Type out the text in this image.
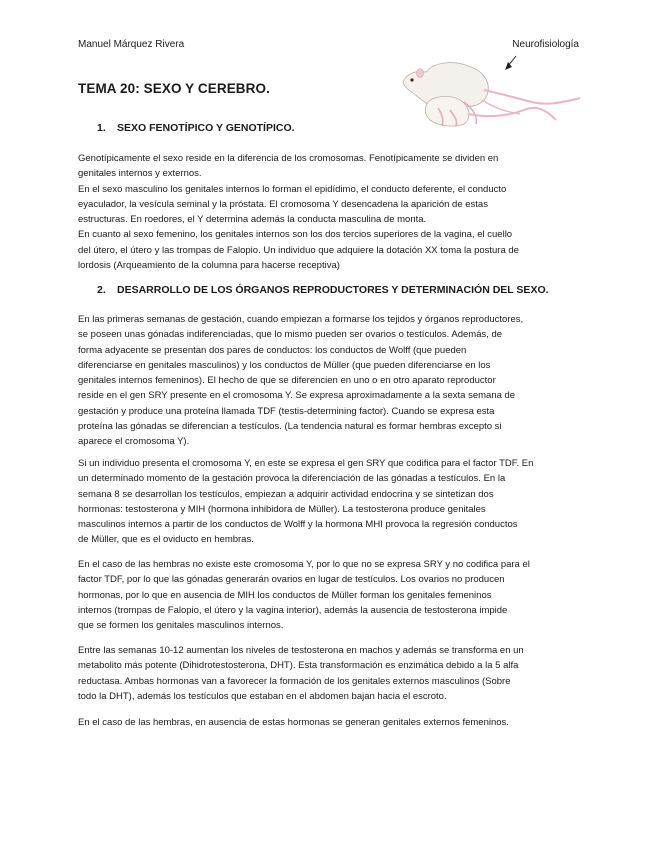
Manuel Márquez Rivera	Neurofisiología
TEMA 20: SEXO Y CEREBRO.
1. SEXO FENOTÍPICO Y GENOTÍPICO.
Genotípicamente el sexo reside en la diferencia de los cromosomas. Fenotípicamente se dividen en
genitales internos y externos.
En el sexo masculino los genitales internos lo forman el epidídimo, el conducto deferente, el conducto
eyaculador, la vesícula seminal y la próstata. El cromosoma Y desencadena la aparición de estas
estructuras. En roedores, el Y determina además la conducta masculina de monta.
En cuanto al sexo femenino, los genitales internos son los dos tercios superiores de la vagina, el cuello
del útero, el útero y las trompas de Falopio. Un individuo que adquiere la dotación XX toma la postura de
lordosis (Arqueamiento de la columna para hacerse receptiva)
2. DESARROLLO DE LOS ÓRGANOS REPRODUCTORES Y DETERMINACIÓN DEL SEXO.
En las primeras semanas de gestación, cuando empiezan a formarse los tejidos y órganos reproductores,
se poseen unas gónadas indiferenciadas, que lo mismo pueden ser ovarios o testículos. Además, de
forma adyacente se presentan dos pares de conductos: los conductos de Wolff (que pueden
diferenciarse en genitales masculinos) y los conductos de Müller (que pueden diferenciarse en los
genitales internos femeninos). El hecho de que se diferencien en uno o en otro aparato reproductor
reside en el gen SRY presente en el cromosoma Y. Se expresa aproximadamente a la sexta semana de
gestación y produce una proteína llamada TDF (testis-determining factor). Cuando se expresa esta
proteína las gónadas se diferencian a testículos. (La tendencia natural es formar hembras excepto si
aparece el cromosoma Y).
Si un individuo presenta el cromosoma Y, en este se expresa el gen SRY que codifica para el factor TDF. En
un determinado momento de la gestación provoca la diferenciación de las gónadas a testículos. En la
semana 8 se desarrollan los testículos, empiezan a adquirir actividad endocrina y se sintetizan dos
hormonas: testosterona y MIH (hormona inhibidora de Müller). La testosterona produce genitales
masculinos internos a partir de los conductos de Wolff y la hormona MHI provoca la regresión conductos
de Müller, que es el oviducto en hembras.
En el caso de las hembras no existe este cromosoma Y, por lo que no se expresa SRY y no codifica para el
factor TDF, por lo que las gónadas generarán ovarios en lugar de testículos. Los ovarios no producen
hormonas, por lo que en ausencia de MIH los conductos de Müller forman los genitales femeninos
internos (trompas de Falopio, el útero y la vagina interior), además la ausencia de testosterona impide
que se formen los genitales masculinos internos.
Entre las semanas 10-12 aumentan los niveles de testosterona en machos y además se transforma en un
metabolito más potente (Dihidrotestosterona, DHT). Esta transformación es enzimática debido a la 5 alfa
reductasa. Ambas hormonas van a favorecer la formación de los genitales externos masculinos (Sobre
todo la DHT), además los testículos que estaban en el abdomen bajan hacia el escroto.
En el caso de las hembras, en ausencia de estas hormonas se generan genitales externos femeninos.
